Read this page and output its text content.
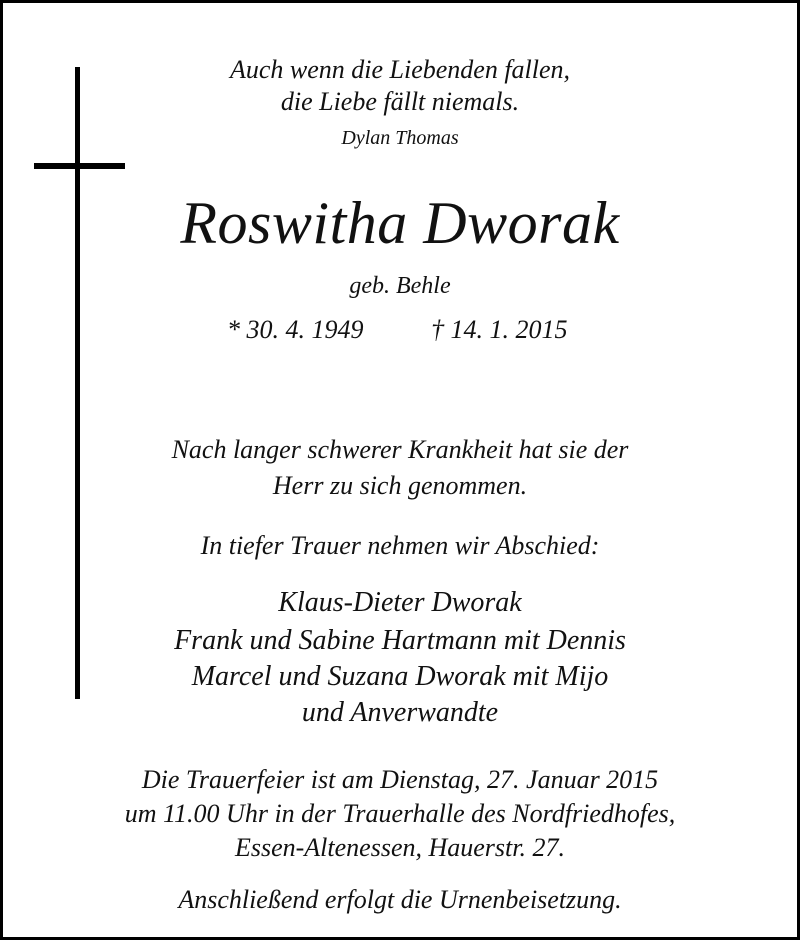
Auch wenn die Liebenden fallen,
die Liebe fällt niemals.
Dylan Thomas
Roswitha Dworak
geb. Behle
* 30. 4. 1949	† 14. 1. 2015
Nach langer schwerer Krankheit hat sie der
Herr zu sich genommen.
In tiefer Trauer nehmen wir Abschied:
Klaus-Dieter Dworak
Frank und Sabine Hartmann mit Dennis
Marcel und Suzana Dworak mit Mijo
und Anverwandte
Die Trauerfeier ist am Dienstag, 27. Januar 2015
um 11.00 Uhr in der Trauerhalle des Nordfriedhofes,
Essen-Altenessen, Hauerstr. 27.
Anschließend erfolgt die Urnenbeisetzung.
